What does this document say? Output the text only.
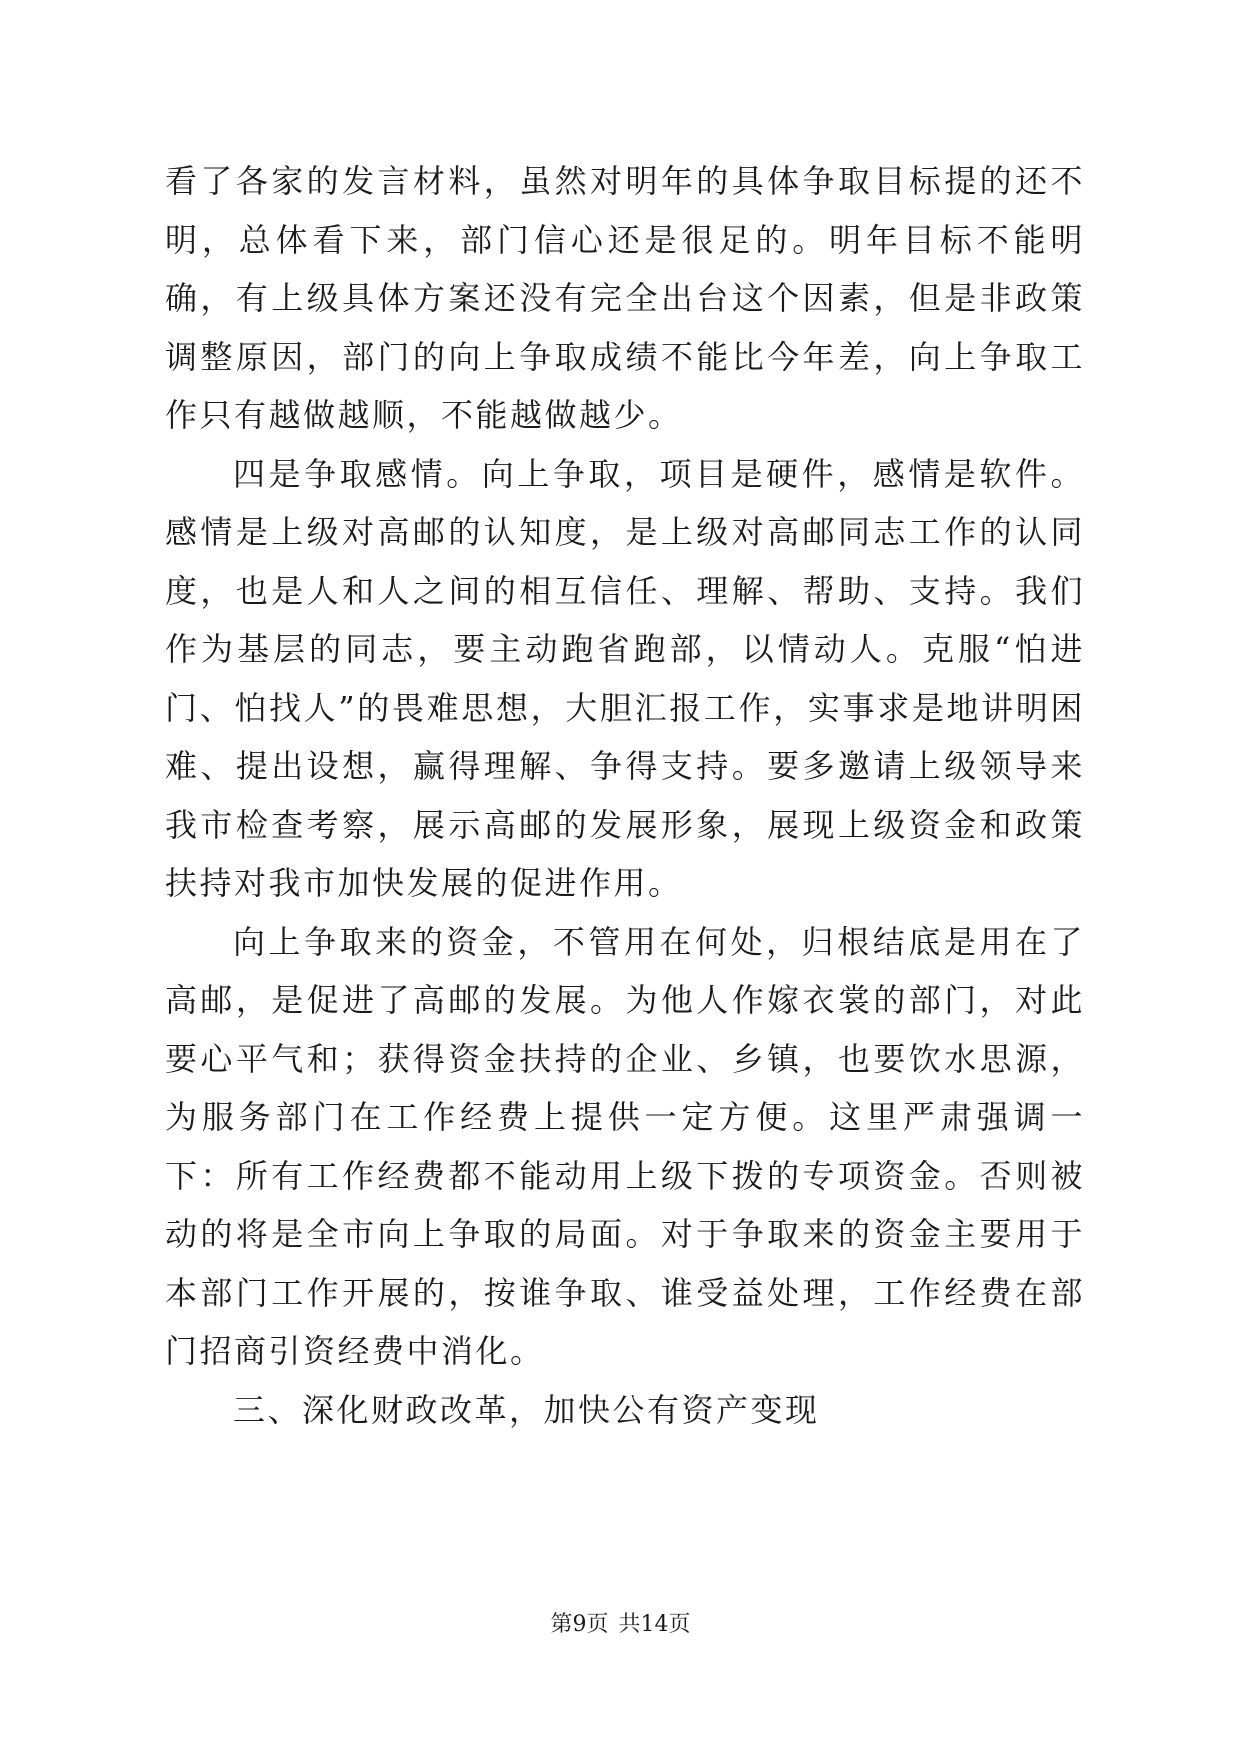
看了各家的发言材料，虽然对明年的具体争取目标提的还不明，总体看下来，部门信心还是很足的。明年目标不能明确，有上级具体方案还没有完全出台这个因素，但是非政策调整原因，部门的向上争取成绩不能比今年差，向上争取工作只有越做越顺，不能越做越少。

四是争取感情。向上争取，项目是硬件，感情是软件。感情是上级对高邮的认知度，是上级对高邮同志工作的认同度，也是人和人之间的相互信任、理解、帮助、支持。我们作为基层的同志，要主动跑省跑部，以情动人。克服“怕进门、怕找人”的畏难思想，大胆汇报工作，实事求是地讲明困难、提出设想，赢得理解、争得支持。要多邀请上级领导来我市检查考察，展示高邮的发展形象，展现上级资金和政策扶持对我市加快发展的促进作用。

向上争取来的资金，不管用在何处，归根结底是用在了高邮，是促进了高邮的发展。为他人作嫁衣裳的部门，对此要心平气和；获得资金扶持的企业、乡镇，也要饮水思源，为服务部门在工作经费上提供一定方便。这里严肃强调一下：所有工作经费都不能动用上级下拨的专项资金。否则被动的将是全市向上争取的局面。对于争取来的资金主要用于本部门工作开展的，按谁争取、谁受益处理，工作经费在部门招商引资经费中消化。

三、深化财政改革，加快公有资产变现

第9页 共14页
